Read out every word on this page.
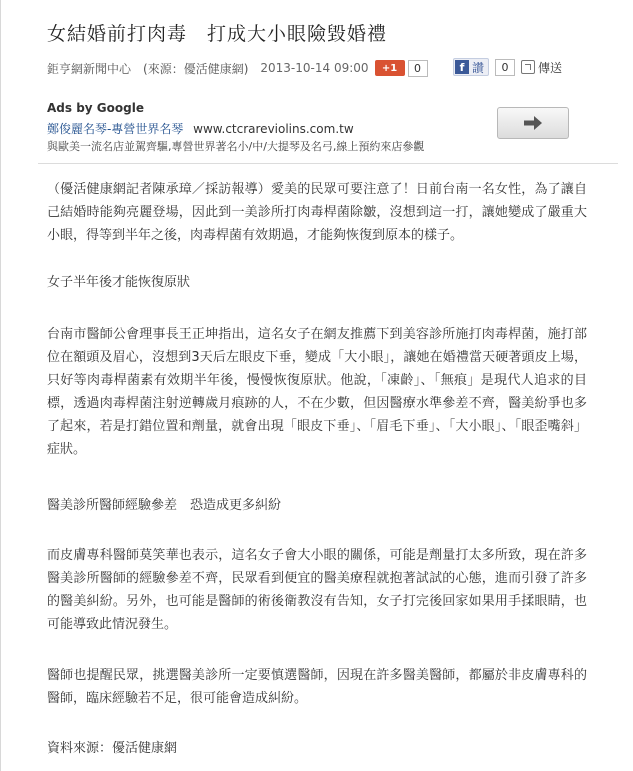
女結婚前打肉毒　打成大小眼險毀婚禮
鉅亨網新聞中心 (來源：優活健康網) 2013-10-14 09:00 +1	0	f 讚	0	傳送
Ads by Google
鄭俊麗名琴-專營世界名琴 www.ctcrareviolins.com.tw
與歐美一流名店並駕齊驅,專營世界著名小/中/大提琴及名弓,線上預約來店參觀

（優活健康網記者陳承璋／採訪報導）愛美的民眾可要注意了！日前台南一名女性，為了讓自己結婚時能夠亮麗登場，因此到一美診所打肉毒桿菌除皺，沒想到這一打，讓她變成了嚴重大小眼，得等到半年之後，肉毒桿菌有效期過，才能夠恢復到原本的樣子。

女子半年後才能恢復原狀

台南市醫師公會理事長王正坤指出，這名女子在網友推薦下到美容診所施打肉毒桿菌，施打部位在額頭及眉心，沒想到3天后左眼皮下垂，變成「大小眼」，讓她在婚禮當天硬著頭皮上場，只好等肉毒桿菌素有效期半年後，慢慢恢復原狀。他說，「凍齡」、「無痕」是現代人追求的目標，透過肉毒桿菌注射逆轉歲月痕跡的人，不在少數，但因醫療水準參差不齊，醫美紛爭也多了起來，若是打錯位置和劑量，就會出現「眼皮下垂」、「眉毛下垂」、「大小眼」、「眼歪嘴斜」症狀。

醫美診所醫師經驗參差　恐造成更多糾紛

而皮膚專科醫師莫笑華也表示，這名女子會大小眼的關係，可能是劑量打太多所致，現在許多醫美診所醫師的經驗參差不齊，民眾看到便宜的醫美療程就抱著試試的心態，進而引發了許多的醫美糾紛。另外，也可能是醫師的術後衛教沒有告知，女子打完後回家如果用手揉眼睛，也可能導致此情況發生。

醫師也提醒民眾，挑選醫美診所一定要慎選醫師，因現在許多醫美醫師，都屬於非皮膚專科的醫師，臨床經驗若不足，很可能會造成糾紛。

資料來源：優活健康網
